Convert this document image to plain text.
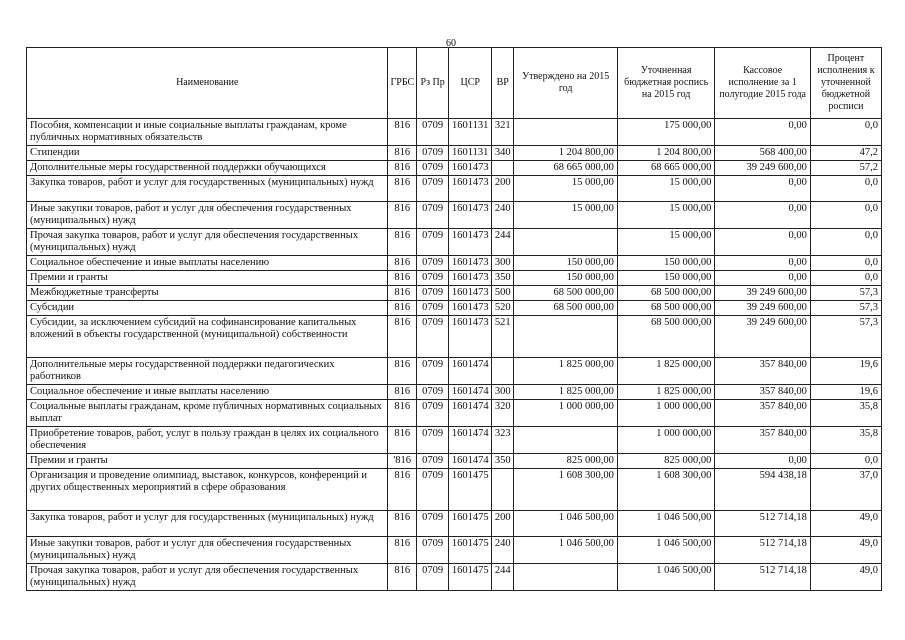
60
Наименование	ГРБС	Рз Пр	ЦСР	ВР	Утверждено на 2015 год	Уточненная бюджетная роспись на 2015 год	Кассовое исполнение за 1 полугодие 2015 года	Процент исполнения к уточненной бюджетной росписи
Пособия, компенсации и иные социальные выплаты гражданам, кроме публичных нормативных обязательств	816	0709	1601131	321		175 000,00	0,00	0,0
Стипендии	816	0709	1601131	340	1 204 800,00	1 204 800,00	568 400,00	47,2
Дополнительные меры государственной поддержки обучающихся	816	0709	1601473		68 665 000,00	68 665 000,00	39 249 600,00	57,2
Закупка товаров, работ и услуг для государственных (муниципальных) нужд	816	0709	1601473	200	15 000,00	15 000,00	0,00	0,0
Иные закупки товаров, работ и услуг для обеспечения государственных (муниципальных) нужд	816	0709	1601473	240	15 000,00	15 000,00	0,00	0,0
Прочая закупка товаров, работ и услуг для обеспечения государственных (муниципальных) нужд	816	0709	1601473	244		15 000,00	0,00	0,0
Социальное обеспечение и иные выплаты населению	816	0709	1601473	300	150 000,00	150 000,00	0,00	0,0
Премии и гранты	816	0709	1601473	350	150 000,00	150 000,00	0,00	0,0
Межбюджетные трансферты	816	0709	1601473	500	68 500 000,00	68 500 000,00	39 249 600,00	57,3
Субсидии	816	0709	1601473	520	68 500 000,00	68 500 000,00	39 249 600,00	57,3
Субсидии, за исключением субсидий на софинансирование капитальных вложений в объекты государственной (муниципальной) собственности	816	0709	1601473	521		68 500 000,00	39 249 600,00	57,3
Дополнительные меры государственной поддержки педагогических работников	816	0709	1601474		1 825 000,00	1 825 000,00	357 840,00	19,6
Социальное обеспечение и иные выплаты населению	816	0709	1601474	300	1 825 000,00	1 825 000,00	357 840,00	19,6
Социальные выплаты гражданам, кроме публичных нормативных социальных выплат	816	0709	1601474	320	1 000 000,00	1 000 000,00	357 840,00	35,8
Приобретение товаров, работ, услуг в пользу граждан в целях их социального обеспечения	816	0709	1601474	323		1 000 000,00	357 840,00	35,8
Премии и гранты	'816	0709	1601474	350	825 000,00	825 000,00	0,00	0,0
Организация и проведение олимпиад, выставок, конкурсов, конференций и других общественных мероприятий в сфере образования	816	0709	1601475		1 608 300,00	1 608 300,00	594 438,18	37,0
Закупка товаров, работ и услуг для государственных (муниципальных) нужд	816	0709	1601475	200	1 046 500,00	1 046 500,00	512 714,18	49,0
Иные закупки товаров, работ и услуг для обеспечения государственных (муниципальных) нужд	816	0709	1601475	240	1 046 500,00	1 046 500,00	512 714,18	49,0
Прочая закупка товаров, работ и услуг для обеспечения государственных (муниципальных) нужд	816	0709	1601475	244		1 046 500,00	512 714,18	49,0
